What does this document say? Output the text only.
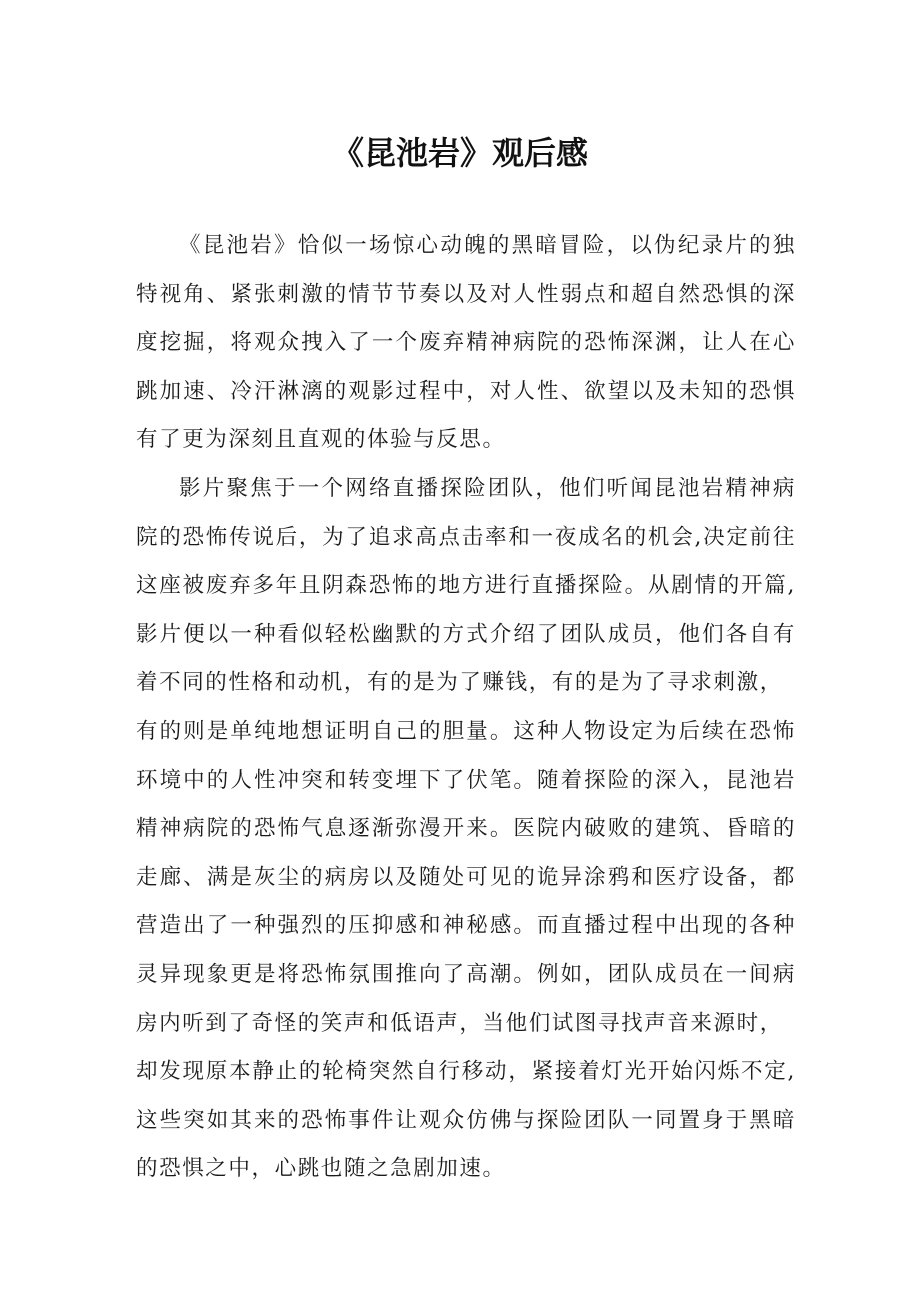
《昆池岩》观后感

《昆池岩》恰似一场惊心动魄的黑暗冒险，以伪纪录片的独
特视角、紧张刺激的情节节奏以及对人性弱点和超自然恐惧的深
度挖掘，将观众拽入了一个废弃精神病院的恐怖深渊，让人在心
跳加速、冷汗淋漓的观影过程中，对人性、欲望以及未知的恐惧
有了更为深刻且直观的体验与反思。

影片聚焦于一个网络直播探险团队，他们听闻昆池岩精神病
院的恐怖传说后，为了追求高点击率和一夜成名的机会,决定前往
这座被废弃多年且阴森恐怖的地方进行直播探险。从剧情的开篇,
影片便以一种看似轻松幽默的方式介绍了团队成员，他们各自有
着不同的性格和动机，有的是为了赚钱，有的是为了寻求刺激，
有的则是单纯地想证明自己的胆量。这种人物设定为后续在恐怖
环境中的人性冲突和转变埋下了伏笔。随着探险的深入，昆池岩
精神病院的恐怖气息逐渐弥漫开来。医院内破败的建筑、昏暗的
走廊、满是灰尘的病房以及随处可见的诡异涂鸦和医疗设备，都
营造出了一种强烈的压抑感和神秘感。而直播过程中出现的各种
灵异现象更是将恐怖氛围推向了高潮。例如，团队成员在一间病
房内听到了奇怪的笑声和低语声，当他们试图寻找声音来源时，
却发现原本静止的轮椅突然自行移动，紧接着灯光开始闪烁不定,
这些突如其来的恐怖事件让观众仿佛与探险团队一同置身于黑暗
的恐惧之中，心跳也随之急剧加速。
